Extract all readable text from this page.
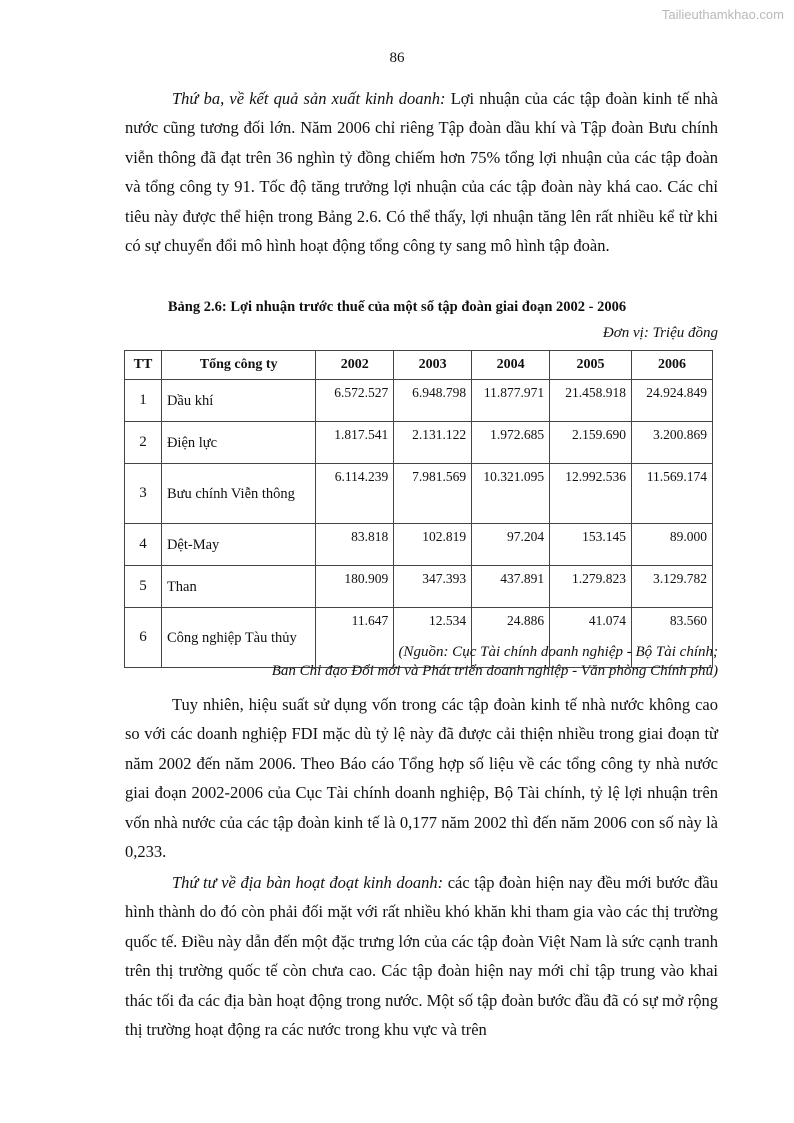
Tailieuthamkhao.com
86

Thứ ba, về kết quả sản xuất kinh doanh: Lợi nhuận của các tập đoàn kinh tế nhà nước cũng tương đối lớn. Năm 2006 chỉ riêng Tập đoàn dầu khí và Tập đoàn Bưu chính viễn thông đã đạt trên 36 nghìn tỷ đồng chiếm hơn 75% tổng lợi nhuận của các tập đoàn và tổng công ty 91. Tốc độ tăng trưởng lợi nhuận của các tập đoàn này khá cao. Các chỉ tiêu này được thể hiện trong Bảng 2.6. Có thể thấy, lợi nhuận tăng lên rất nhiều kể từ khi có sự chuyển đổi mô hình hoạt động tổng công ty sang mô hình tập đoàn.

Bảng 2.6: Lợi nhuận trước thuế của một số tập đoàn giai đoạn 2002 - 2006
Đơn vị: Triệu đồng
TT	Tổng công ty	2002	2003	2004	2005	2006
1	Dầu khí	6.572.527	6.948.798	11.877.971	21.458.918	24.924.849
2	Điện lực	1.817.541	2.131.122	1.972.685	2.159.690	3.200.869
3	Bưu chính Viễn thông	6.114.239	7.981.569	10.321.095	12.992.536	11.569.174
4	Dệt-May	83.818	102.819	97.204	153.145	89.000
5	Than	180.909	347.393	437.891	1.279.823	3.129.782
6	Công nghiệp Tàu thủy	11.647	12.534	24.886	41.074	83.560
(Nguồn: Cục Tài chính doanh nghiệp - Bộ Tài chính;
Ban Chỉ đạo Đổi mới và Phát triển doanh nghiệp - Văn phòng Chính phủ)

Tuy nhiên, hiệu suất sử dụng vốn trong các tập đoàn kinh tế nhà nước không cao so với các doanh nghiệp FDI mặc dù tỷ lệ này đã được cải thiện nhiều trong giai đoạn từ năm 2002 đến năm 2006. Theo Báo cáo Tổng hợp số liệu về các tổng công ty nhà nước giai đoạn 2002-2006 của Cục Tài chính doanh nghiệp, Bộ Tài chính, tỷ lệ lợi nhuận trên vốn nhà nước của các tập đoàn kinh tế là 0,177 năm 2002 thì đến năm 2006 con số này là 0,233.

Thứ tư về địa bàn hoạt đoạt kinh doanh: các tập đoàn hiện nay đều mới bước đầu hình thành do đó còn phải đối mặt với rất nhiều khó khăn khi tham gia vào các thị trường quốc tế. Điều này dẫn đến một đặc trưng lớn của các tập đoàn Việt Nam là sức cạnh tranh trên thị trường quốc tế còn chưa cao. Các tập đoàn hiện nay mới chỉ tập trung vào khai thác tối đa các địa bàn hoạt động trong nước. Một số tập đoàn bước đầu đã có sự mở rộng thị trường hoạt động ra các nước trong khu vực và trên
